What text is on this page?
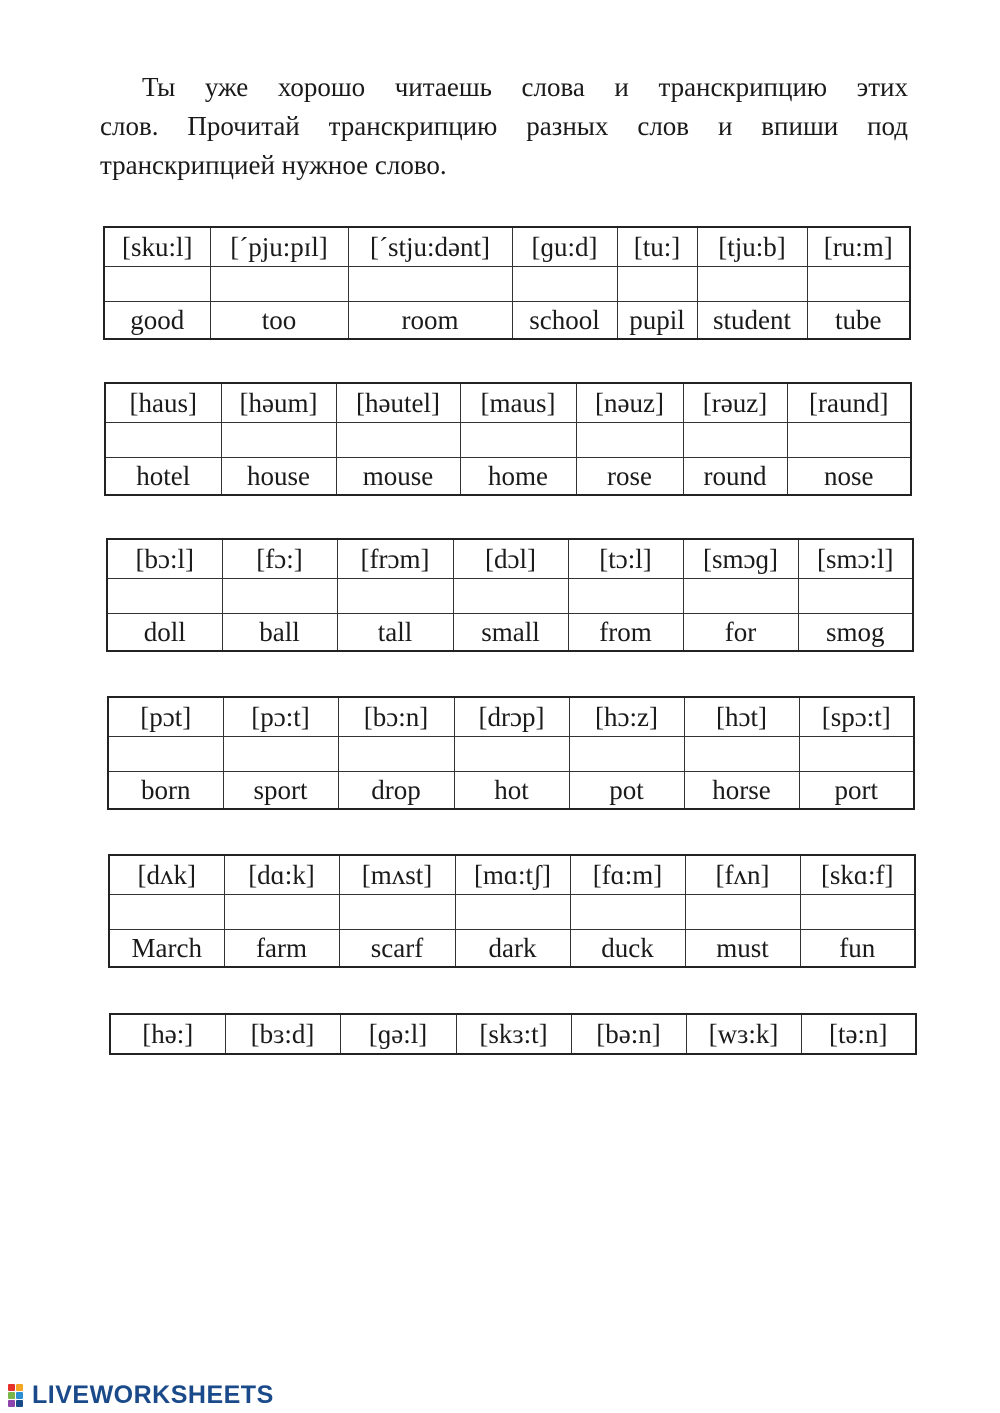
Ты уже хорошо читаешь слова и транскрипцию этих
слов. Прочитай транскрипцию разных слов и впиши под
транскрипцией нужное слово.
[sku:l]	[ˊpju:pɪl]	[ˊstju:dənt]	[ɡu:d]	[tu:]	[tju:b]	[ru:m]

good	too	room	school	pupil	student	tube
[haus]	[həum]	[həutel]	[maus]	[nəuz]	[rəuz]	[raund]

hotel	house	mouse	home	rose	round	nose
[bɔ:l]	[fɔ:]	[frɔm]	[dɔl]	[tɔ:l]	[smɔɡ]	[smɔ:l]

doll	ball	tall	small	from	for	smog
[pɔt]	[pɔ:t]	[bɔ:n]	[drɔp]	[hɔ:z]	[hɔt]	[spɔ:t]

born	sport	drop	hot	pot	horse	port
[dʌk]	[dɑ:k]	[mʌst]	[mɑ:tʃ]	[fɑ:m]	[fʌn]	[skɑ:f]

March	farm	scarf	dark	duck	must	fun
[hə:]	[bɜ:d]	[ɡə:l]	[skɜ:t]	[bə:n]	[wɜ:k]	[tə:n]
LIVEWORKSHEETS
